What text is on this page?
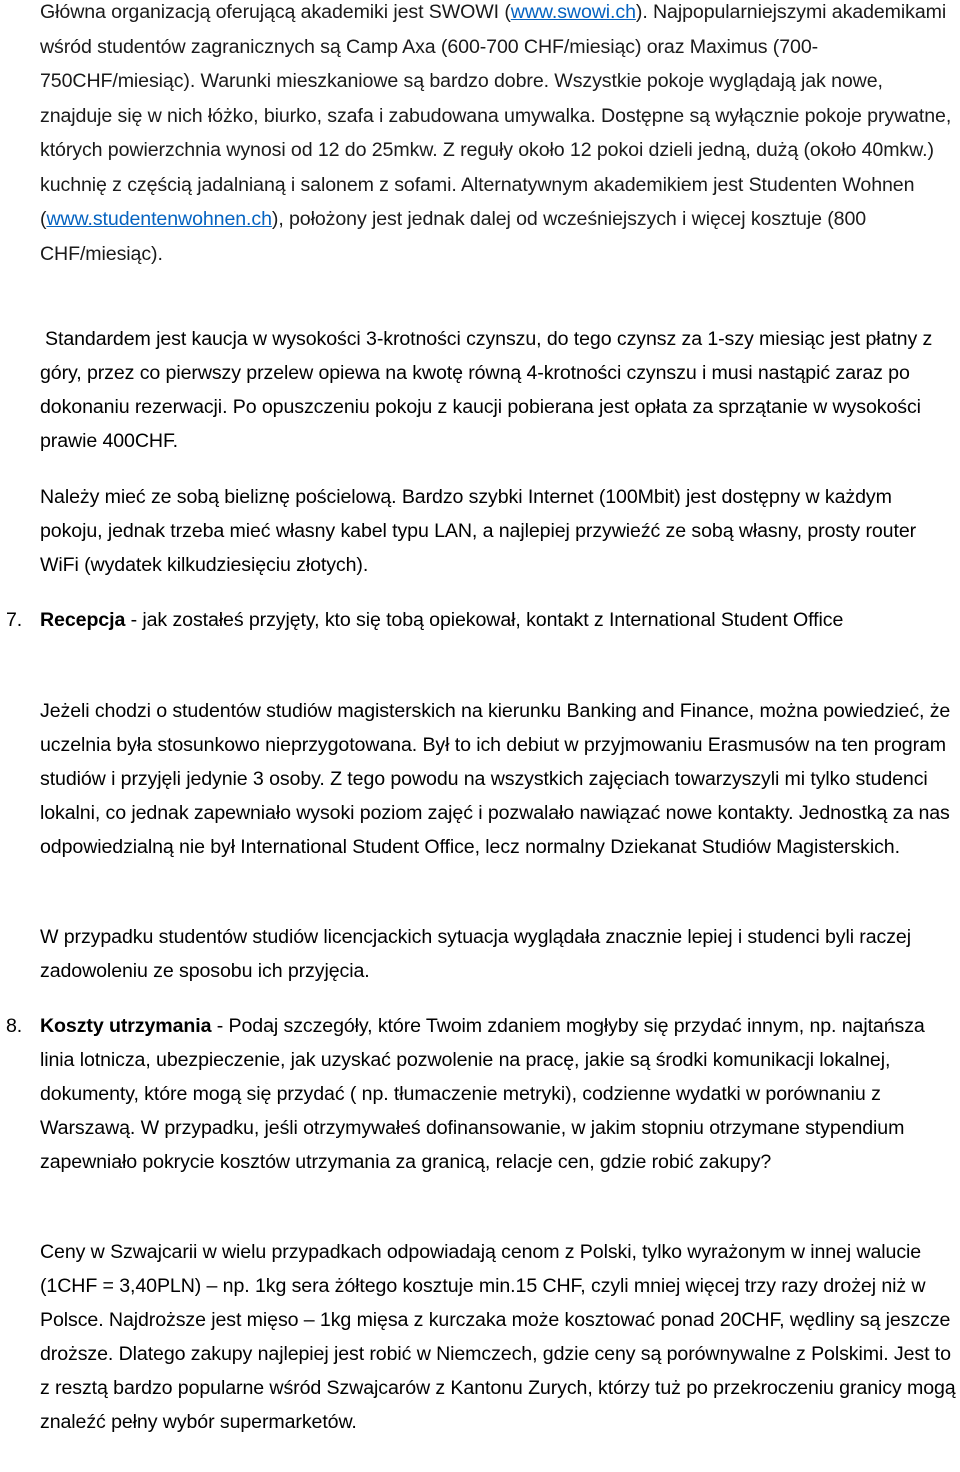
Główna organizacją oferującą akademiki jest SWOWI (www.swowi.ch). Najpopularniejszymi akademikami wśród studentów zagranicznych są Camp Axa (600-700 CHF/miesiąc) oraz Maximus (700-750CHF/miesiąc). Warunki mieszkaniowe są bardzo dobre. Wszystkie pokoje wyglądają jak nowe, znajduje się w nich łóżko, biurko, szafa i zabudowana umywalka. Dostępne są wyłącznie pokoje prywatne, których powierzchnia wynosi od 12 do 25mkw. Z reguły około 12 pokoi dzieli jedną, dużą (około 40mkw.) kuchnię z częścią jadalnianą i salonem z sofami. Alternatywnym akademikiem jest Studenten Wohnen (www.studentenwohnen.ch), położony jest jednak dalej od wcześniejszych i więcej kosztuje (800 CHF/miesiąc).

Standardem jest kaucja w wysokości 3-krotności czynszu, do tego czynsz za 1-szy miesiąc jest płatny z góry, przez co pierwszy przelew opiewa na kwotę równą 4-krotności czynszu i musi nastąpić zaraz po dokonaniu rezerwacji. Po opuszczeniu pokoju z kaucji pobierana jest opłata za sprzątanie w wysokości prawie 400CHF.

Należy mieć ze sobą bieliznę pościelową. Bardzo szybki Internet (100Mbit) jest dostępny w każdym pokoju, jednak trzeba mieć własny kabel typu LAN, a najlepiej przywieźć ze sobą własny, prosty router WiFi (wydatek kilkudziesięciu złotych).

7. Recepcja - jak zostałeś przyjęty, kto się tobą opiekował, kontakt z International Student Office

Jeżeli chodzi o studentów studiów magisterskich na kierunku Banking and Finance, można powiedzieć, że uczelnia była stosunkowo nieprzygotowana. Był to ich debiut w przyjmowaniu Erasmusów na ten program studiów i przyjęli jedynie 3 osoby. Z tego powodu na wszystkich zajęciach towarzyszyli mi tylko studenci lokalni, co jednak zapewniało wysoki poziom zajęć i pozwalało nawiązać nowe kontakty. Jednostką za nas odpowiedzialną nie był International Student Office, lecz normalny Dziekanat Studiów Magisterskich.

W przypadku studentów studiów licencjackich sytuacja wyglądała znacznie lepiej i studenci byli raczej zadowoleniu ze sposobu ich przyjęcia.

8. Koszty utrzymania - Podaj szczegóły, które Twoim zdaniem mogłyby się przydać innym, np. najtańsza linia lotnicza, ubezpieczenie, jak uzyskać pozwolenie na pracę, jakie są środki komunikacji lokalnej, dokumenty, które mogą się przydać ( np. tłumaczenie metryki), codzienne wydatki w porównaniu z Warszawą. W przypadku, jeśli otrzymywałeś dofinansowanie, w jakim stopniu otrzymane stypendium zapewniało pokrycie kosztów utrzymania za granicą, relacje cen, gdzie robić zakupy?

Ceny w Szwajcarii w wielu przypadkach odpowiadają cenom z Polski, tylko wyrażonym w innej walucie (1CHF = 3,40PLN) – np. 1kg sera żółtego kosztuje min.15 CHF, czyli mniej więcej trzy razy drożej niż w Polsce. Najdroższe jest mięso – 1kg mięsa z kurczaka może kosztować ponad 20CHF, wędliny są jeszcze droższe. Dlatego zakupy najlepiej jest robić w Niemczech, gdzie ceny są porównywalne z Polskimi. Jest to z resztą bardzo popularne wśród Szwajcarów z Kantonu Zurych, którzy tuż po przekroczeniu granicy mogą znaleźć pełny wybór supermarketów.
